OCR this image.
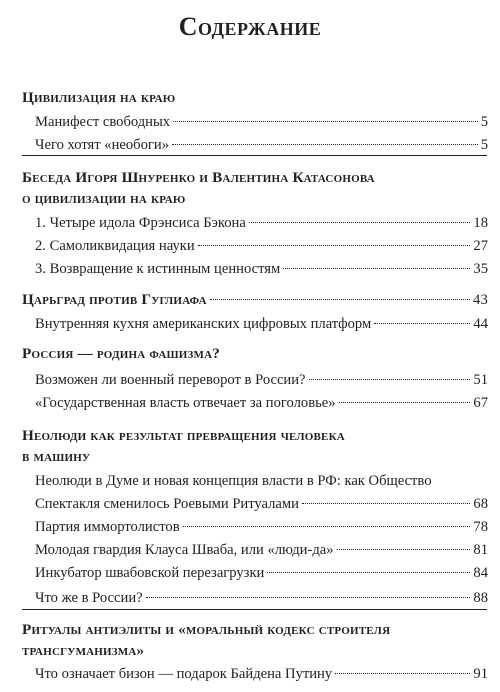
Содержание
Цивилизация на краю
Манифест свободных	5
Чего хотят «необоги»	5
Беседа Игоря Шнуренко и Валентина Катасонова
о цивилизации на краю
1. Четыре идола Фрэнсиса Бэкона	18
2. Самоликвидация науки	27
3. Возвращение к истинным ценностям	35
Царьград против Гуглиафа	43
Внутренняя кухня американских цифровых платформ	44
Россия — родина фашизма?
Возможен ли военный переворот в России?	51
«Государственная власть отвечает за поголовье»	67
Неолюди как результат превращения человека
в машину
Неолюди в Думе и новая концепция власти в РФ: как Общество
Спектакля сменилось Роевыми Ритуалами	68
Партия иммортолистов	78
Молодая гвардия Клауса Шваба, или «люди-да»	81
Инкубатор швабовской перезагрузки	84
Что же в России?	88
Ритуалы антиэлиты и «моральный кодекс строителя
трансгуманизма»
Что означает бизон — подарок Байдена Путину	91
